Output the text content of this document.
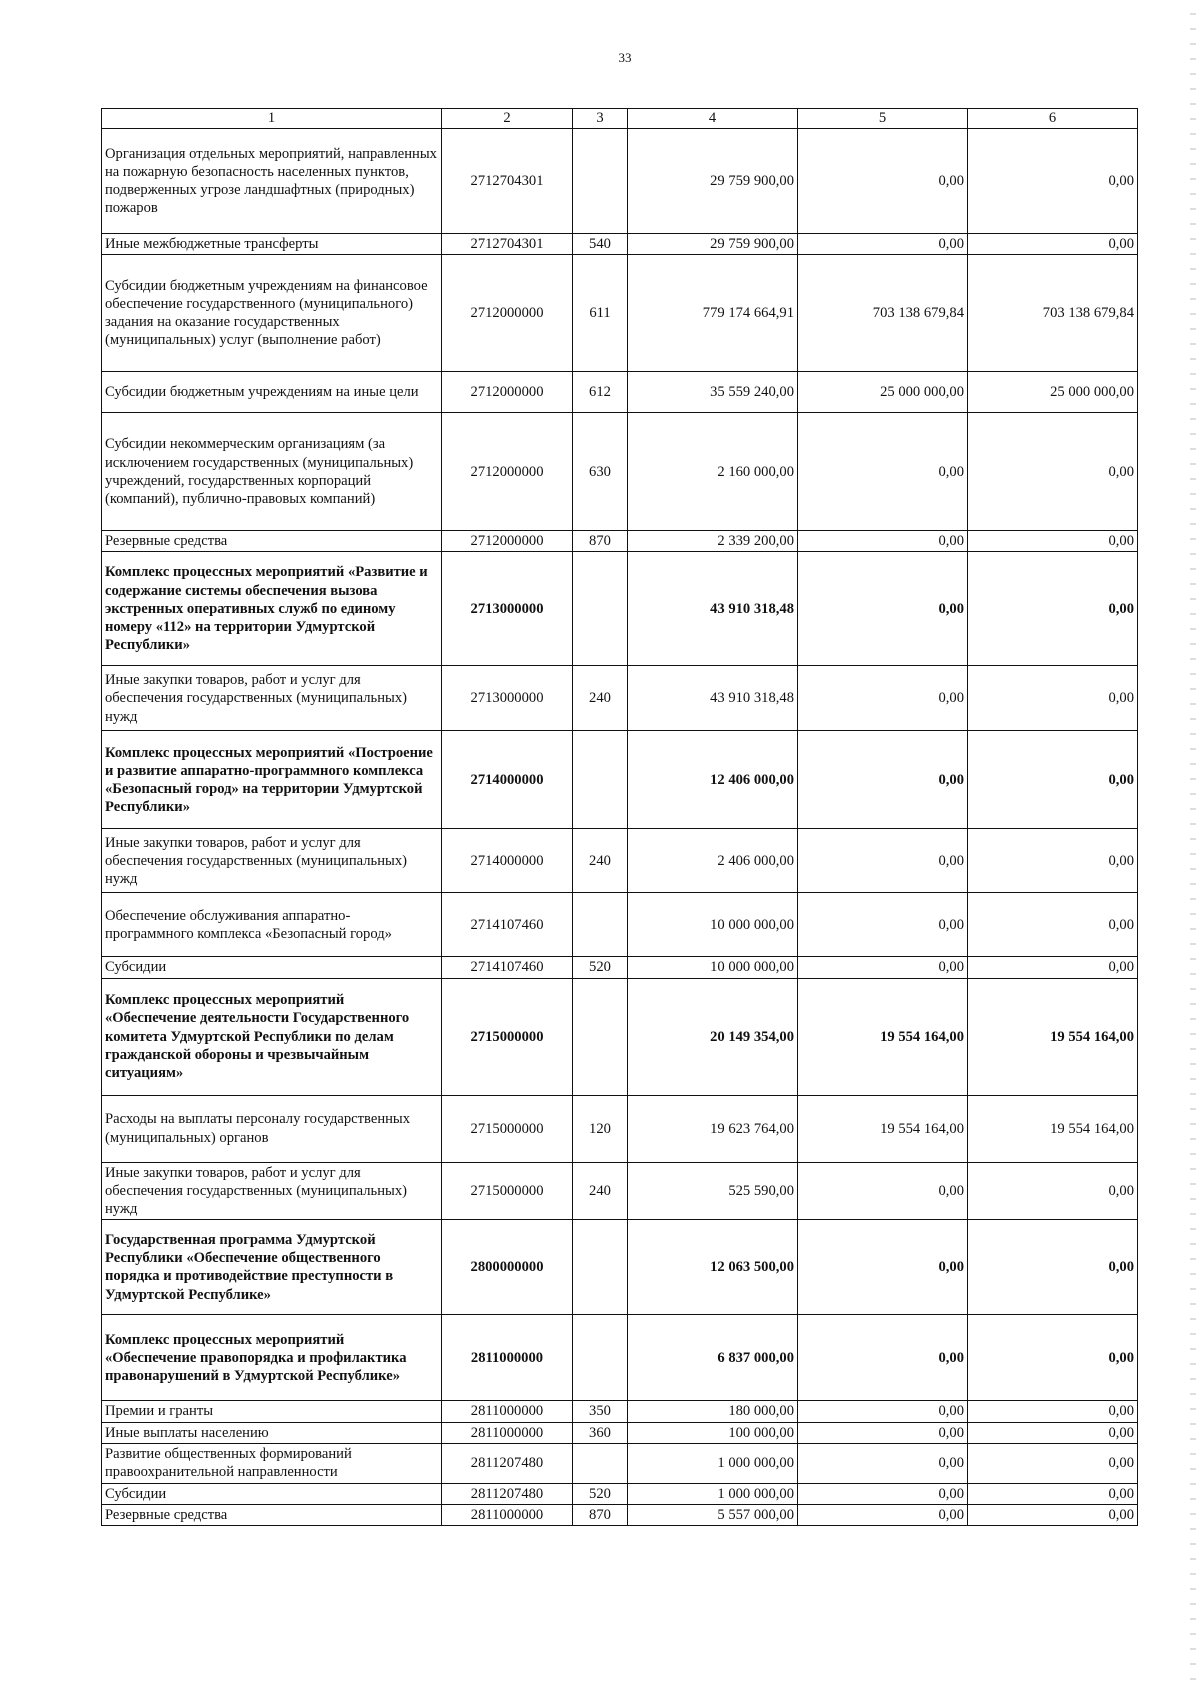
33
1	2	3	4	5	6
Организация отдельных мероприятий, направленных на пожарную безопасность населенных пунктов, подверженных угрозе ландшафтных (природных) пожаров	2712704301		29 759 900,00	0,00	0,00
Иные межбюджетные трансферты	2712704301	540	29 759 900,00	0,00	0,00
Субсидии бюджетным учреждениям на финансовое обеспечение государственного (муниципального) задания на оказание государственных (муниципальных) услуг (выполнение работ)	2712000000	611	779 174 664,91	703 138 679,84	703 138 679,84
Субсидии бюджетным учреждениям на иные цели	2712000000	612	35 559 240,00	25 000 000,00	25 000 000,00
Субсидии некоммерческим организациям (за исключением государственных (муниципальных) учреждений, государственных корпораций (компаний), публично-правовых компаний)	2712000000	630	2 160 000,00	0,00	0,00
Резервные средства	2712000000	870	2 339 200,00	0,00	0,00
Комплекс процессных мероприятий «Развитие и содержание системы обеспечения вызова экстренных оперативных служб по единому номеру «112» на территории Удмуртской Республики»	2713000000		43 910 318,48	0,00	0,00
Иные закупки товаров, работ и услуг для обеспечения государственных (муниципальных) нужд	2713000000	240	43 910 318,48	0,00	0,00
Комплекс процессных мероприятий «Построение и развитие аппаратно-программного комплекса «Безопасный город» на территории Удмуртской Республики»	2714000000		12 406 000,00	0,00	0,00
Иные закупки товаров, работ и услуг для обеспечения государственных (муниципальных) нужд	2714000000	240	2 406 000,00	0,00	0,00
Обеспечение обслуживания аппаратно-программного комплекса «Безопасный город»	2714107460		10 000 000,00	0,00	0,00
Субсидии	2714107460	520	10 000 000,00	0,00	0,00
Комплекс процессных мероприятий «Обеспечение деятельности Государственного комитета Удмуртской Республики по делам гражданской обороны и чрезвычайным ситуациям»	2715000000		20 149 354,00	19 554 164,00	19 554 164,00
Расходы на выплаты персоналу государственных (муниципальных) органов	2715000000	120	19 623 764,00	19 554 164,00	19 554 164,00
Иные закупки товаров, работ и услуг для обеспечения государственных (муниципальных) нужд	2715000000	240	525 590,00	0,00	0,00
Государственная программа Удмуртской Республики «Обеспечение общественного порядка и противодействие преступности в Удмуртской Республике»	2800000000		12 063 500,00	0,00	0,00
Комплекс процессных мероприятий «Обеспечение правопорядка и профилактика правонарушений в Удмуртской Республике»	2811000000		6 837 000,00	0,00	0,00
Премии и гранты	2811000000	350	180 000,00	0,00	0,00
Иные выплаты населению	2811000000	360	100 000,00	0,00	0,00
Развитие общественных формирований правоохранительной направленности	2811207480		1 000 000,00	0,00	0,00
Субсидии	2811207480	520	1 000 000,00	0,00	0,00
Резервные средства	2811000000	870	5 557 000,00	0,00	0,00
